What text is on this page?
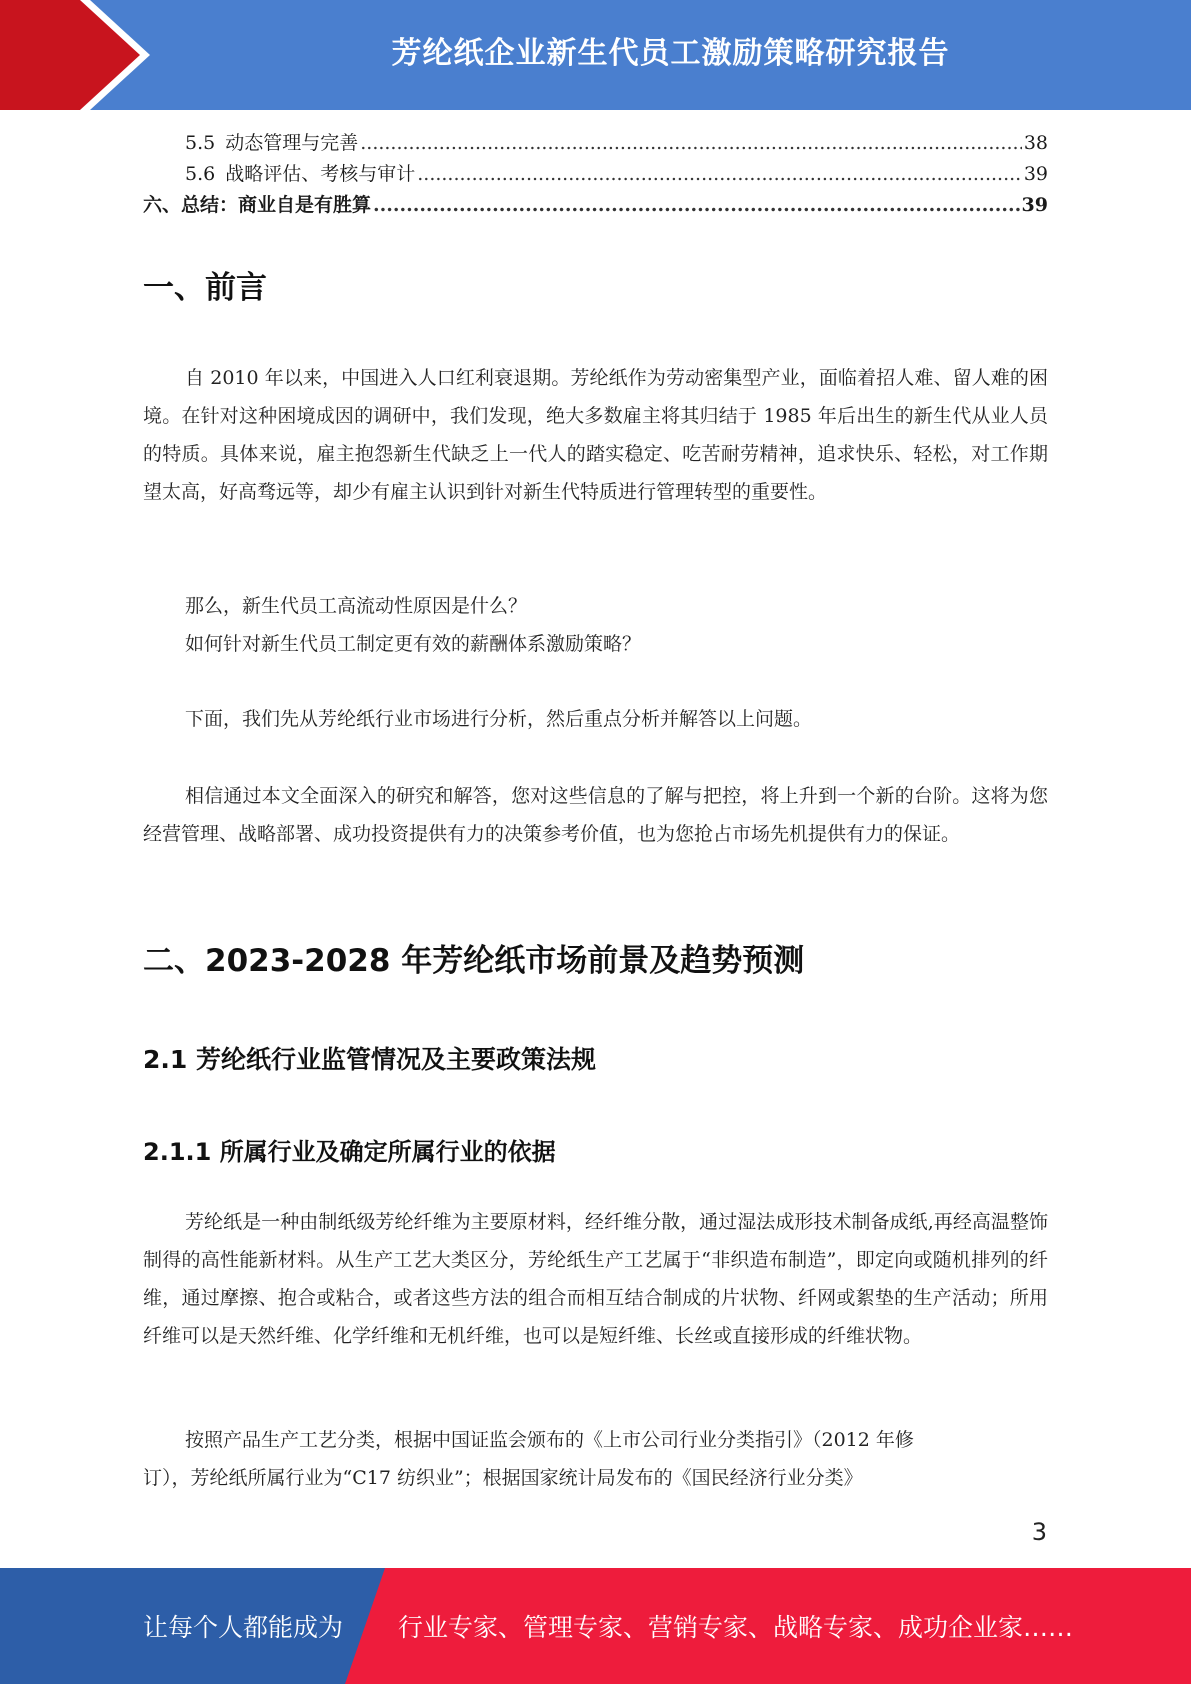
芳纶纸企业新生代员工激励策略研究报告
5.5 动态管理与完善 .....	38
5.6 战略评估、考核与审计 .....	39
六、总结：商业自是有胜算 .....	39
一、前言

自 2010 年以来，中国进入人口红利衰退期。芳纶纸作为劳动密集型产业，面临着招人难、留人难的困境。在针对这种困境成因的调研中，我们发现，绝大多数雇主将其归结于 1985 年后出生的新生代从业人员的特质。具体来说，雇主抱怨新生代缺乏上一代人的踏实稳定、吃苦耐劳精神，追求快乐、轻松，对工作期望太高，好高骛远等，却少有雇主认识到针对新生代特质进行管理转型的重要性。

那么，新生代员工高流动性原因是什么？
如何针对新生代员工制定更有效的薪酬体系激励策略？

下面，我们先从芳纶纸行业市场进行分析，然后重点分析并解答以上问题。

相信通过本文全面深入的研究和解答，您对这些信息的了解与把控，将上升到一个新的台阶。这将为您经营管理、战略部署、成功投资提供有力的决策参考价值，也为您抢占市场先机提供有力的保证。

二、2023-2028 年芳纶纸市场前景及趋势预测
2.1 芳纶纸行业监管情况及主要政策法规
2.1.1 所属行业及确定所属行业的依据

芳纶纸是一种由制纸级芳纶纤维为主要原材料，经纤维分散，通过湿法成形技术制备成纸,再经高温整饰制得的高性能新材料。从生产工艺大类区分，芳纶纸生产工艺属于“非织造布制造”，即定向或随机排列的纤维，通过摩擦、抱合或粘合，或者这些方法的组合而相互结合制成的片状物、纤网或絮垫的生产活动；所用纤维可以是天然纤维、化学纤维和无机纤维，也可以是短纤维、长丝或直接形成的纤维状物。

按照产品生产工艺分类，根据中国证监会颁布的《上市公司行业分类指引》（2012 年修
订），芳纶纸所属行业为“C17 纺织业”；根据国家统计局发布的《国民经济行业分类》
3
让每个人都能成为 行业专家、管理专家、营销专家、战略专家、成功企业家……
